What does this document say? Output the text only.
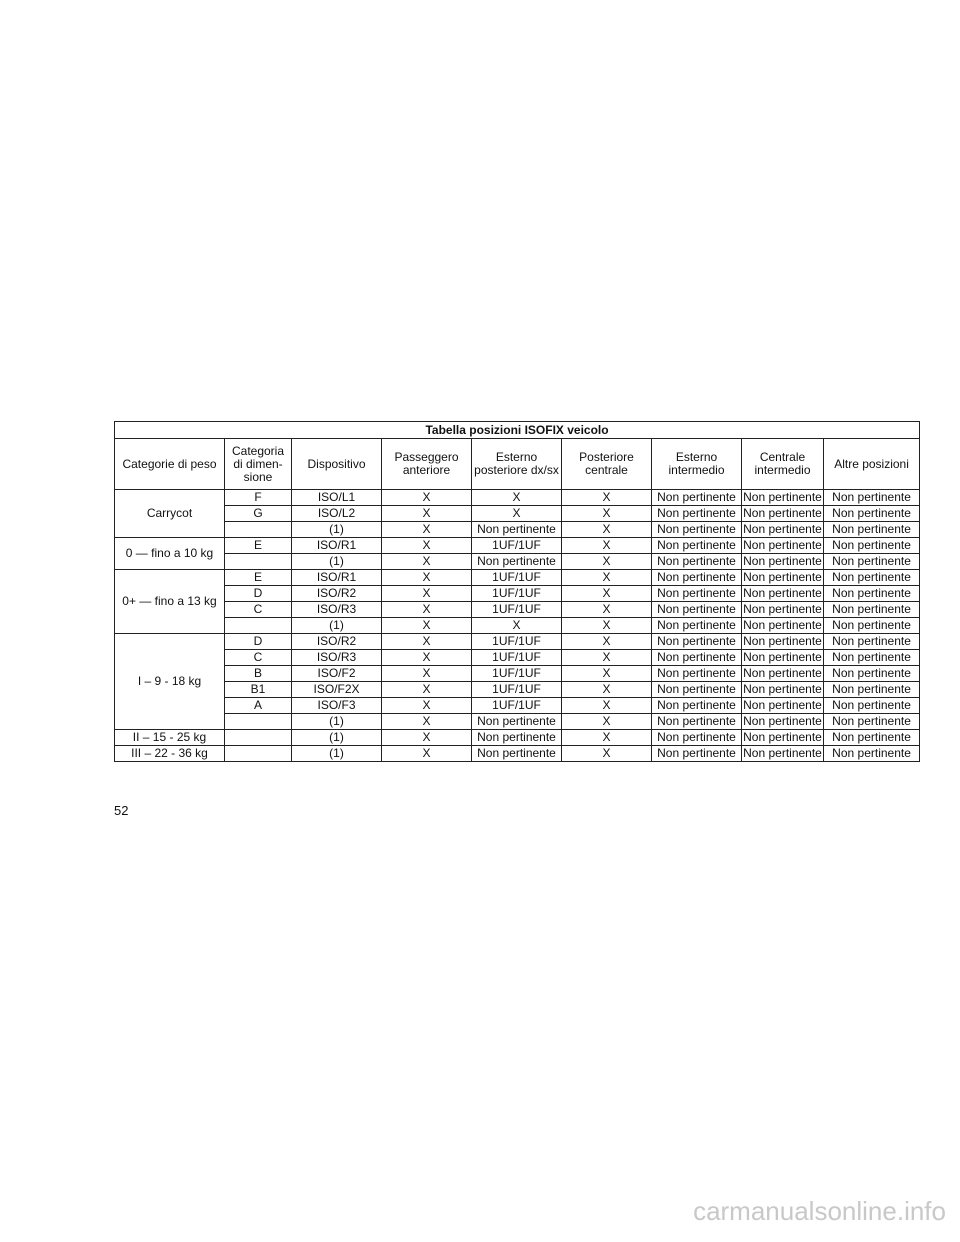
Tabella posizioni ISOFIX veicolo								
Categorie di peso	Categoria di dimen-sione	Dispositivo	Passeggero anteriore	Esterno posteriore dx/sx	Posteriore centrale	Esterno intermedio	Centrale intermedio	Altre posizioni
Carrycot	F	ISO/L1	X	X	X	Non pertinente	Non pertinente	Non pertinente
	G	ISO/L2	X	X	X	Non pertinente	Non pertinente	Non pertinente
		(1)	X	Non pertinente	X	Non pertinente	Non pertinente	Non pertinente
0 — fino a 10 kg	E	ISO/R1	X	1UF/1UF	X	Non pertinente	Non pertinente	Non pertinente
		(1)	X	Non pertinente	X	Non pertinente	Non pertinente	Non pertinente
0+ — fino a 13 kg	E	ISO/R1	X	1UF/1UF	X	Non pertinente	Non pertinente	Non pertinente
	D	ISO/R2	X	1UF/1UF	X	Non pertinente	Non pertinente	Non pertinente
	C	ISO/R3	X	1UF/1UF	X	Non pertinente	Non pertinente	Non pertinente
		(1)	X	X	X	Non pertinente	Non pertinente	Non pertinente
I – 9 - 18 kg	D	ISO/R2	X	1UF/1UF	X	Non pertinente	Non pertinente	Non pertinente
	C	ISO/R3	X	1UF/1UF	X	Non pertinente	Non pertinente	Non pertinente
	B	ISO/F2	X	1UF/1UF	X	Non pertinente	Non pertinente	Non pertinente
	B1	ISO/F2X	X	1UF/1UF	X	Non pertinente	Non pertinente	Non pertinente
	A	ISO/F3	X	1UF/1UF	X	Non pertinente	Non pertinente	Non pertinente
		(1)	X	Non pertinente	X	Non pertinente	Non pertinente	Non pertinente
II – 15 - 25 kg		(1)	X	Non pertinente	X	Non pertinente	Non pertinente	Non pertinente
III – 22 - 36 kg		(1)	X	Non pertinente	X	Non pertinente	Non pertinente	Non pertinente
52
carmanualsonline.info
